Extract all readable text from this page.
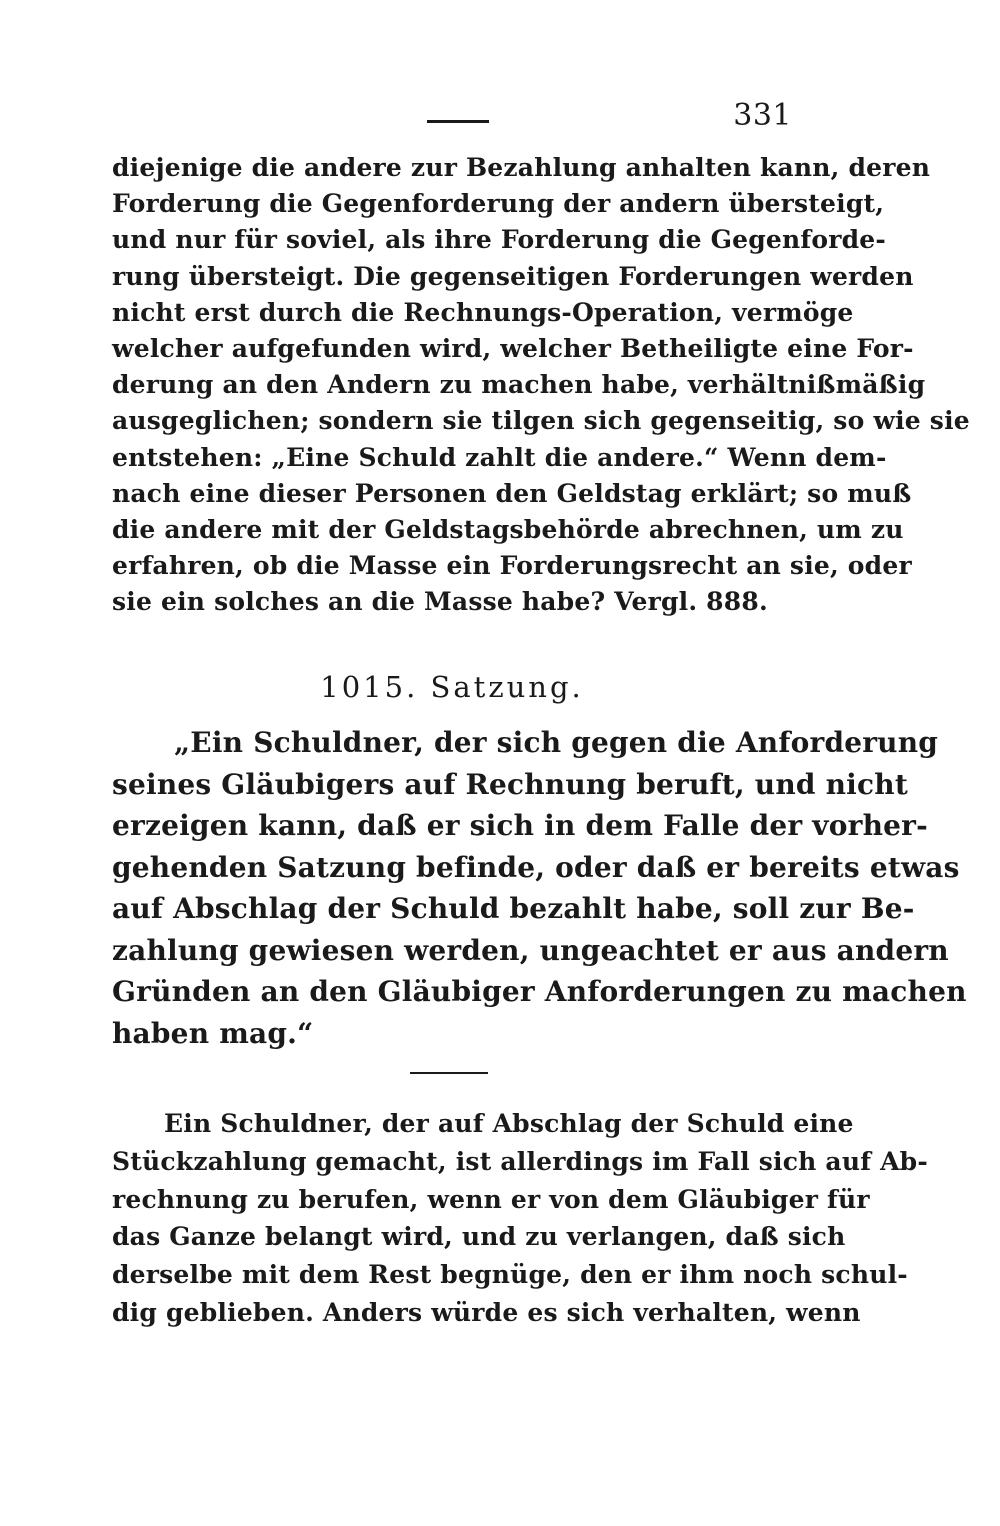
331

diejenige die andere zur Bezahlung anhalten kann, deren
Forderung die Gegenforderung der andern übersteigt,
und nur für soviel, als ihre Forderung die Gegenforde-
rung übersteigt. Die gegenseitigen Forderungen werden
nicht erst durch die Rechnungs-Operation, vermöge
welcher aufgefunden wird, welcher Betheiligte eine For-
derung an den Andern zu machen habe, verhältnißmäßig
ausgeglichen; sondern sie tilgen sich gegenseitig, so wie sie
entstehen: „Eine Schuld zahlt die andere.“ Wenn dem-
nach eine dieser Personen den Geldstag erklärt; so muß
die andere mit der Geldstagsbehörde abrechnen, um zu
erfahren, ob die Masse ein Forderungsrecht an sie, oder
sie ein solches an die Masse habe? Vergl. 888.

1015. Satzung.

„Ein Schuldner, der sich gegen die Anforderung
seines Gläubigers auf Rechnung beruft, und nicht
erzeigen kann, daß er sich in dem Falle der vorher-
gehenden Satzung befinde, oder daß er bereits etwas
auf Abschlag der Schuld bezahlt habe, soll zur Be-
zahlung gewiesen werden, ungeachtet er aus andern
Gründen an den Gläubiger Anforderungen zu machen
haben mag.“

Ein Schuldner, der auf Abschlag der Schuld eine
Stückzahlung gemacht, ist allerdings im Fall sich auf Ab-
rechnung zu berufen, wenn er von dem Gläubiger für
das Ganze belangt wird, und zu verlangen, daß sich
derselbe mit dem Rest begnüge, den er ihm noch schul-
dig geblieben. Anders würde es sich verhalten, wenn
